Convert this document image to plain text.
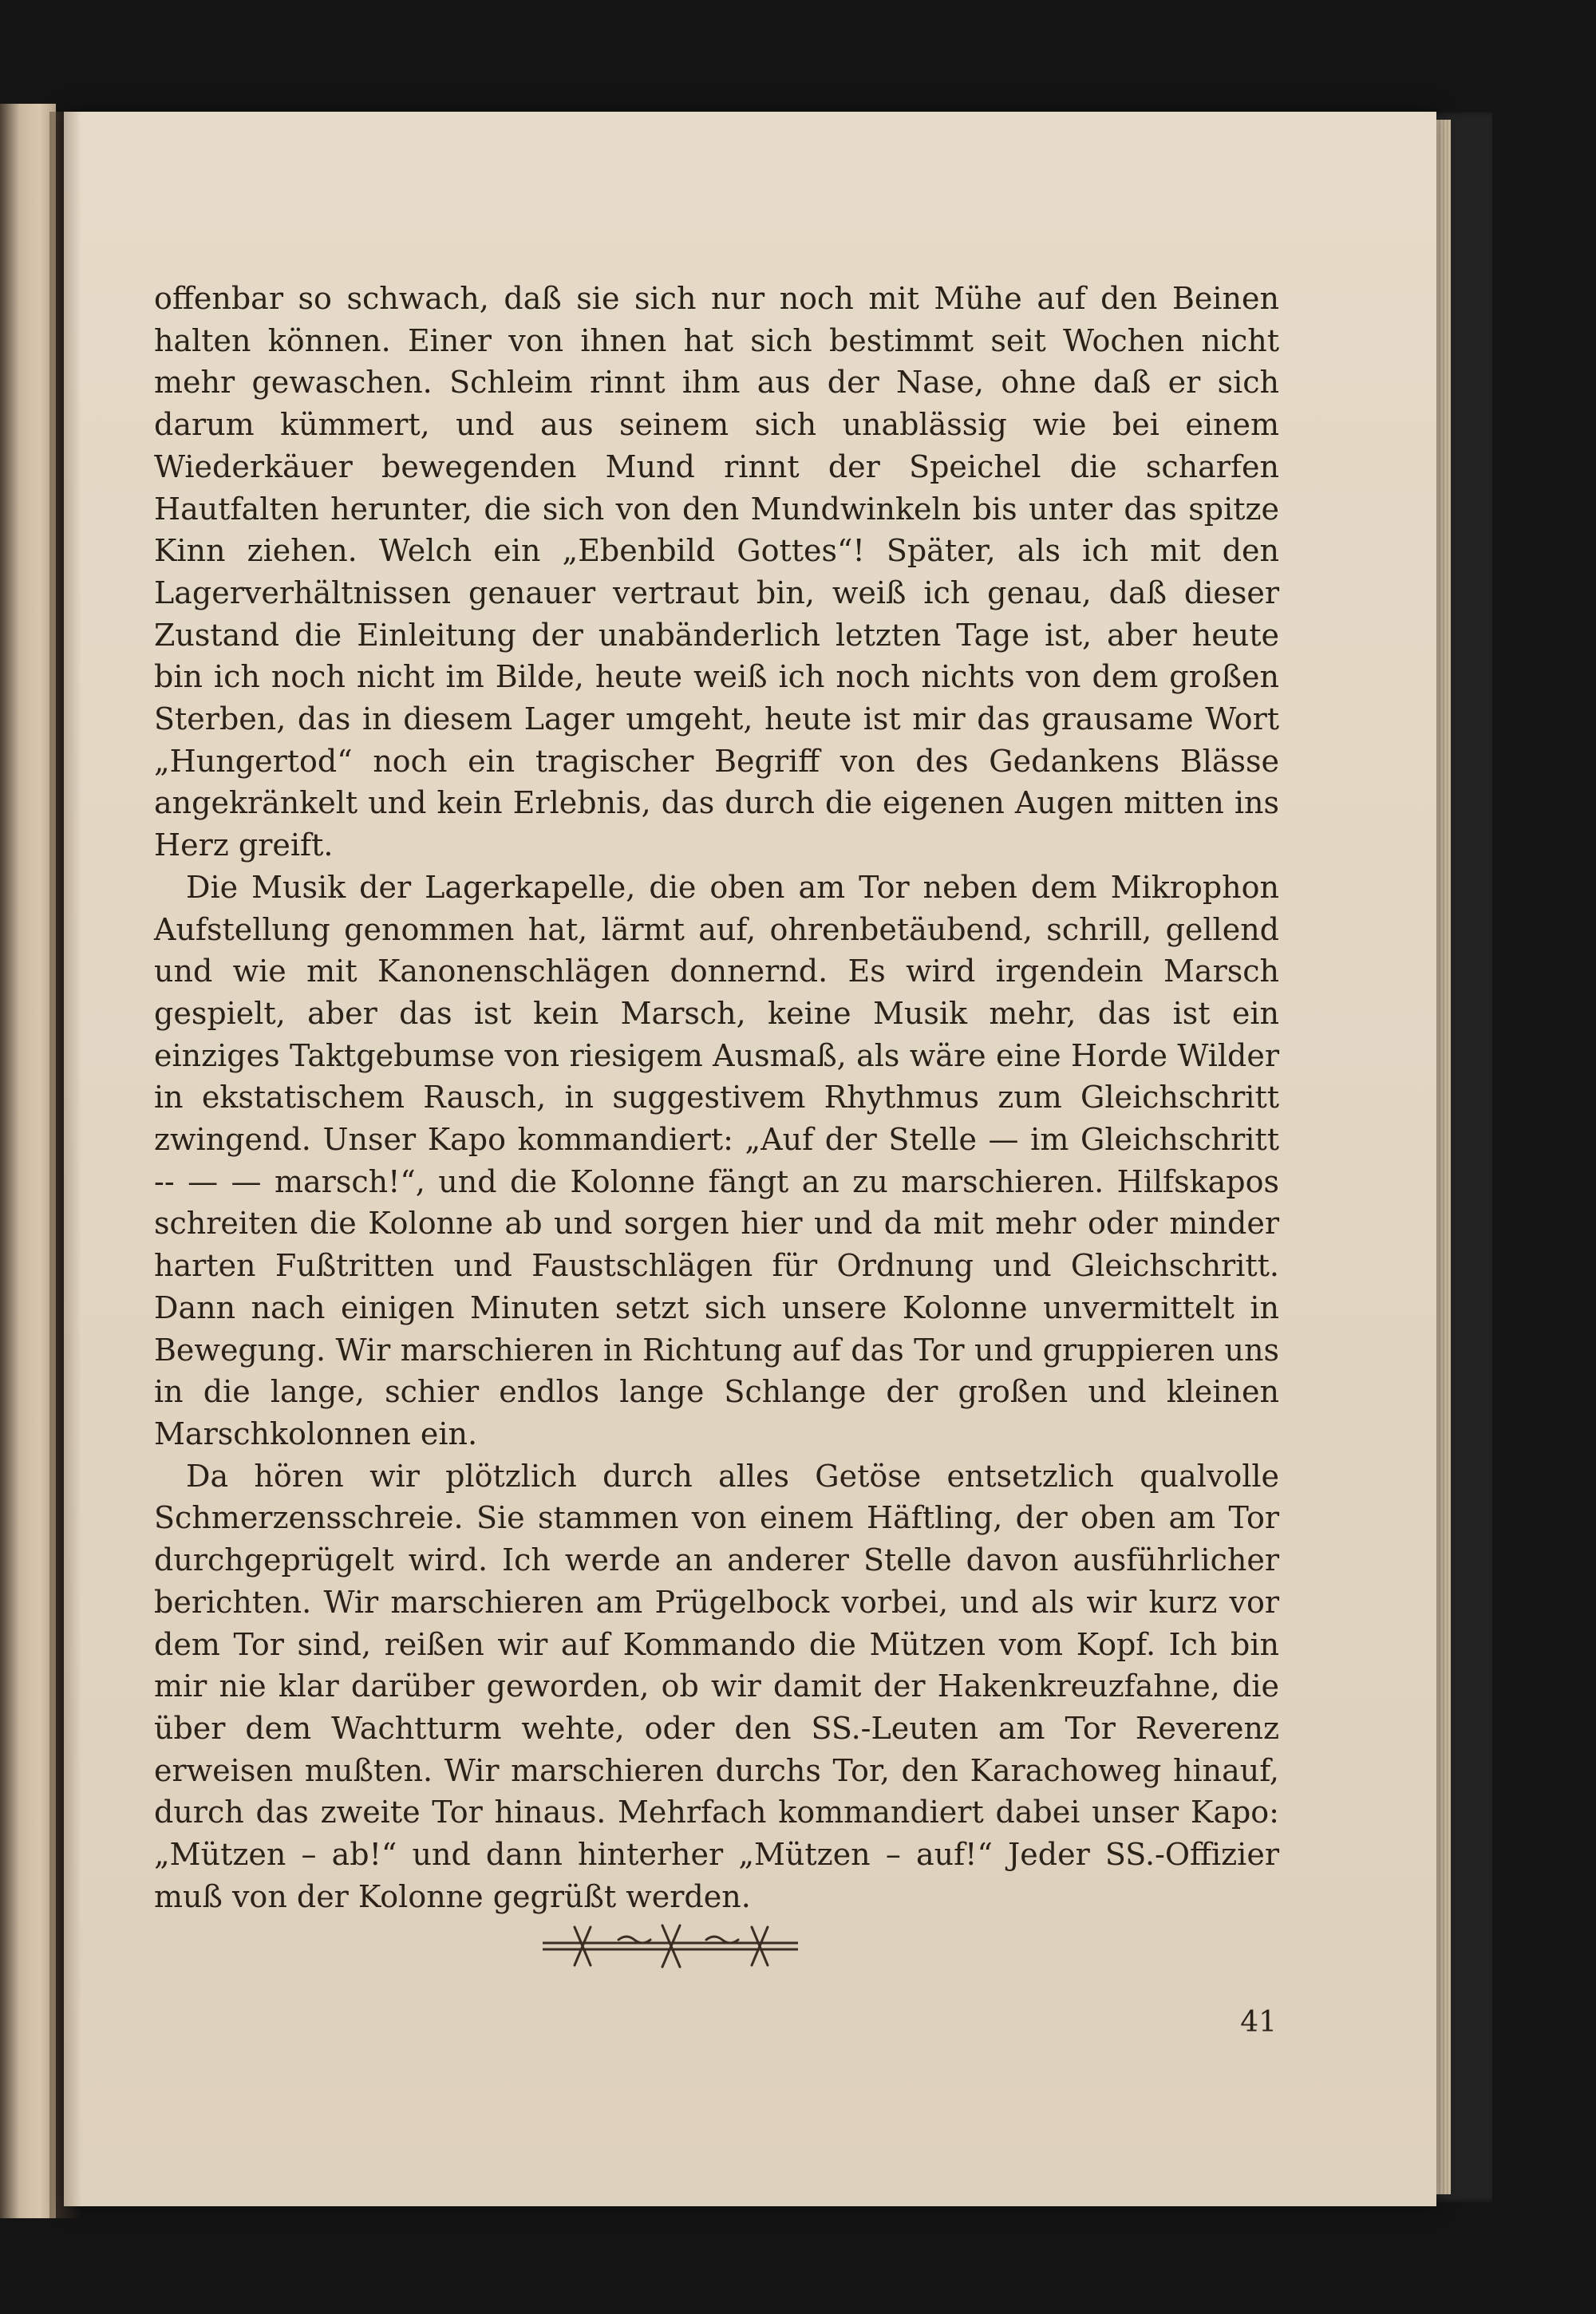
offenbar so schwach, daß sie sich nur noch mit Mühe auf den Beinen halten können. Einer von ihnen hat sich bestimmt seit Wochen nicht mehr gewaschen. Schleim rinnt ihm aus der Nase, ohne daß er sich darum kümmert, und aus seinem sich unablässig wie bei einem Wiederkäuer bewegenden Mund rinnt der Speichel die scharfen Hautfalten herunter, die sich von den Mundwinkeln bis unter das spitze Kinn ziehen. Welch ein „Ebenbild Gottes“! Später, als ich mit den Lagerverhältnissen genauer vertraut bin, weiß ich genau, daß dieser Zustand die Einleitung der unabänderlich letzten Tage ist, aber heute bin ich noch nicht im Bilde, heute weiß ich noch nichts von dem großen Sterben, das in diesem Lager umgeht, heute ist mir das grausame Wort „Hungertod“ noch ein tragischer Begriff von des Gedankens Blässe angekränkelt und kein Erlebnis, das durch die eigenen Augen mitten ins Herz greift.

Die Musik der Lagerkapelle, die oben am Tor neben dem Mikrophon Aufstellung genommen hat, lärmt auf, ohrenbetäubend, schrill, gellend und wie mit Kanonenschlägen donnernd. Es wird irgendein Marsch gespielt, aber das ist kein Marsch, keine Musik mehr, das ist ein einziges Taktgebumse von riesigem Ausmaß, als wäre eine Horde Wilder in ekstatischem Rausch, in suggestivem Rhythmus zum Gleichschritt zwingend. Unser Kapo kommandiert: „Auf der Stelle — im Gleichschritt -- — — marsch!“, und die Kolonne fängt an zu marschieren. Hilfskapos schreiten die Kolonne ab und sorgen hier und da mit mehr oder minder harten Fußtritten und Faustschlägen für Ordnung und Gleichschritt. Dann nach einigen Minuten setzt sich unsere Kolonne unvermittelt in Bewegung. Wir marschieren in Richtung auf das Tor und gruppieren uns in die lange, schier endlos lange Schlange der großen und kleinen Marschkolonnen ein.

Da hören wir plötzlich durch alles Getöse entsetzlich qualvolle Schmerzensschreie. Sie stammen von einem Häftling, der oben am Tor durchgeprügelt wird. Ich werde an anderer Stelle davon ausführlicher berichten. Wir marschieren am Prügelbock vorbei, und als wir kurz vor dem Tor sind, reißen wir auf Kommando die Mützen vom Kopf. Ich bin mir nie klar darüber geworden, ob wir damit der Hakenkreuzfahne, die über dem Wachtturm wehte, oder den SS.-Leuten am Tor Reverenz erweisen mußten. Wir marschieren durchs Tor, den Karachoweg hinauf, durch das zweite Tor hinaus. Mehrfach kommandiert dabei unser Kapo: „Mützen – ab!“ und dann hinterher „Mützen – auf!“ Jeder SS.-Offizier muß von der Kolonne gegrüßt werden.

41
